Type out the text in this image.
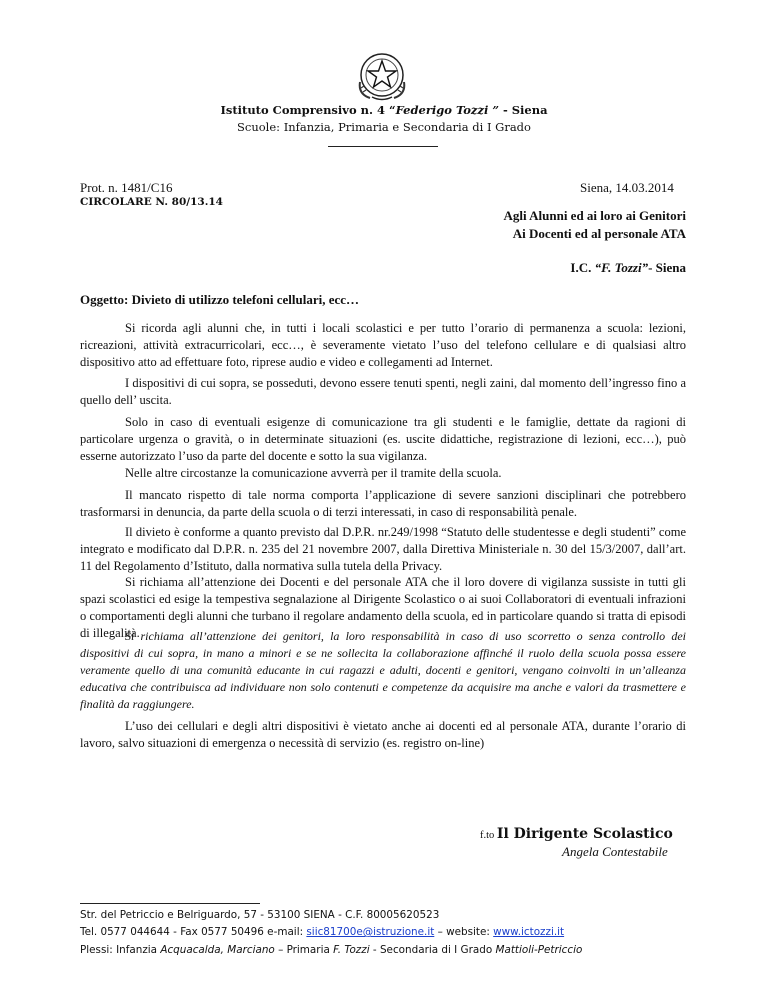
Istituto Comprensivo n. 4 “Federigo Tozzi ” - Siena
Scuole: Infanzia, Primaria e Secondaria di I Grado
Prot. n. 1481/C16	Siena, 14.03.2014
CIRCOLARE N. 80/13.14
Agli Alunni ed ai loro ai Genitori
Ai Docenti ed al personale ATA
I.C. “F. Tozzi”- Siena
Oggetto: Divieto di utilizzo telefoni cellulari, ecc…

Si ricorda agli alunni che, in tutti i locali scolastici e per tutto l’orario di permanenza a scuola: lezioni, ricreazioni, attività extracurricolari, ecc…, è severamente vietato l’uso del telefono cellulare e di qualsiasi altro dispositivo atto ad effettuare foto, riprese audio e video e collegamenti ad Internet.

I dispositivi di cui sopra, se posseduti, devono essere tenuti spenti, negli zaini, dal momento dell’ingresso fino a quello dell’ uscita.

Solo in caso di eventuali esigenze di comunicazione tra gli studenti e le famiglie, dettate da ragioni di particolare urgenza o gravità, o in determinate situazioni (es. uscite didattiche, registrazione di lezioni, ecc…), può esserne autorizzato l’uso da parte del docente e sotto la sua vigilanza.

Nelle altre circostanze la comunicazione avverrà per il tramite della scuola.

Il mancato rispetto di tale norma comporta l’applicazione di severe sanzioni disciplinari che potrebbero trasformarsi in denuncia, da parte della scuola o di terzi interessati, in caso di responsabilità penale.

Il divieto è conforme a quanto previsto dal D.P.R. nr.249/1998 “Statuto delle studentesse e degli studenti” come integrato e modificato dal D.P.R. n. 235 del 21 novembre 2007, dalla Direttiva Ministeriale n. 30 del 15/3/2007, dall’art. 11 del Regolamento d’Istituto, dalla normativa sulla tutela della Privacy.

Si richiama all’attenzione dei Docenti e del personale ATA che il loro dovere di vigilanza sussiste in tutti gli spazi scolastici ed esige la tempestiva segnalazione al Dirigente Scolastico o ai suoi Collaboratori di eventuali infrazioni o comportamenti degli alunni che turbano il regolare andamento della scuola, ed in particolare quando si tratta di episodi di illegalità.

Si richiama all’attenzione dei genitori, la loro responsabilità in caso di uso scorretto o senza controllo dei dispositivi di cui sopra, in mano a minori e se ne sollecita la collaborazione affinché il ruolo della scuola possa essere veramente quello di una comunità educante in cui ragazzi e adulti, docenti e genitori, vengano coinvolti in un’alleanza educativa che contribuisca ad individuare non solo contenuti e competenze da acquisire ma anche e valori da trasmettere e finalità da raggiungere.

L’uso dei cellulari e degli altri dispositivi è vietato anche ai docenti ed al personale ATA, durante l’orario di lavoro, salvo situazioni di emergenza o necessità di servizio (es. registro on-line)

f.to Il Dirigente Scolastico
Angela Contestabile
Str. del Petriccio e Belriguardo, 57 - 53100 SIENA - C.F. 80005620523
Tel. 0577 044644 - Fax 0577 50496 e-mail: siic81700e@istruzione.it – website: www.ictozzi.it
Plessi: Infanzia Acquacalda, Marciano – Primaria F. Tozzi - Secondaria di I Grado Mattioli-Petriccio
